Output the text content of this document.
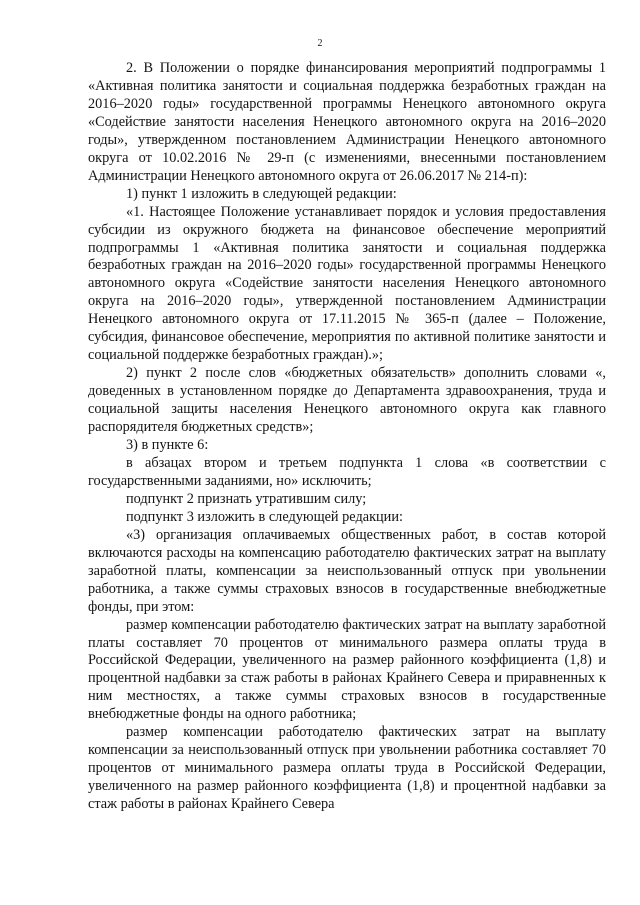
2

2. В Положении о порядке финансирования мероприятий подпрограммы 1 «Активная политика занятости и социальная поддержка безработных граждан на 2016–2020 годы» государственной программы Ненецкого автономного округа «Содействие занятости населения Ненецкого автономного округа на 2016–2020 годы», утвержденном постановлением Администрации Ненецкого автономного округа от 10.02.2016 № 29-п (с изменениями, внесенными постановлением Администрации Ненецкого автономного округа от 26.06.2017 № 214-п):

1) пункт 1 изложить в следующей редакции:

«1. Настоящее Положение устанавливает порядок и условия предоставления субсидии из окружного бюджета на финансовое обеспечение мероприятий подпрограммы 1 «Активная политика занятости и социальная поддержка безработных граждан на 2016–2020 годы» государственной программы Ненецкого автономного округа «Содействие занятости населения Ненецкого автономного округа на 2016–2020 годы», утвержденной постановлением Администрации Ненецкого автономного округа от 17.11.2015 № 365-п (далее – Положение, субсидия, финансовое обеспечение, мероприятия по активной политике занятости и социальной поддержке безработных граждан).»;

2) пункт 2 после слов «бюджетных обязательств» дополнить словами «, доведенных в установленном порядке до Департамента здравоохранения, труда и социальной защиты населения Ненецкого автономного округа как главного распорядителя бюджетных средств»;

3) в пункте 6:

в абзацах втором и третьем подпункта 1 слова «в соответствии с государственными заданиями, но» исключить;

подпункт 2 признать утратившим силу;

подпункт 3 изложить в следующей редакции:

«3) организация оплачиваемых общественных работ, в состав которой включаются расходы на компенсацию работодателю фактических затрат на выплату заработной платы, компенсации за неиспользованный отпуск при увольнении работника, а также суммы страховых взносов в государственные внебюджетные фонды, при этом:

размер компенсации работодателю фактических затрат на выплату заработной платы составляет 70 процентов от минимального размера оплаты труда в Российской Федерации, увеличенного на размер районного коэффициента (1,8) и процентной надбавки за стаж работы в районах Крайнего Севера и приравненных к ним местностях, а также суммы страховых взносов в государственные внебюджетные фонды на одного работника;

размер компенсации работодателю фактических затрат на выплату компенсации за неиспользованный отпуск при увольнении работника составляет 70 процентов от минимального размера оплаты труда в Российской Федерации, увеличенного на размер районного коэффициента (1,8) и процентной надбавки за стаж работы в районах Крайнего Севера
